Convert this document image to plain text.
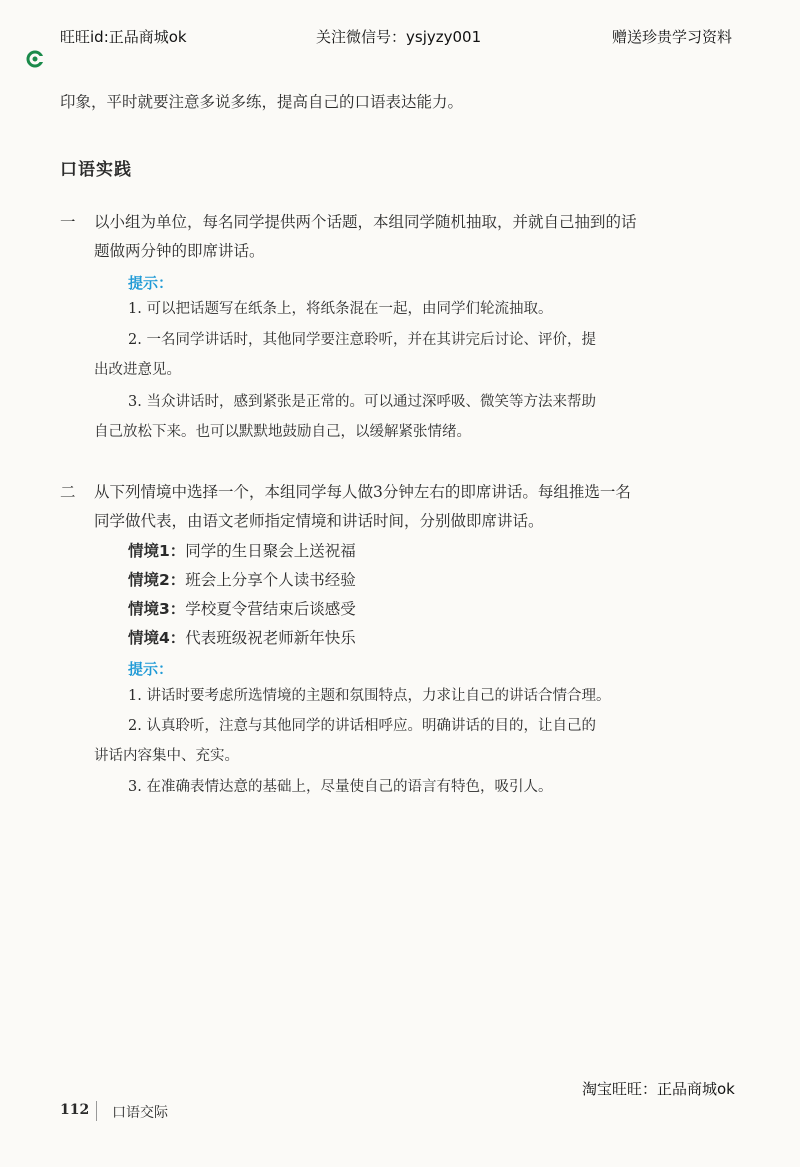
旺旺id:正品商城ok	关注微信号：ysjyzy001	赠送珍贵学习资料
印象，平时就要注意多说多练，提高自己的口语表达能力。
口语实践
一 以小组为单位，每名同学提供两个话题，本组同学随机抽取，并就自己抽到的话
题做两分钟的即席讲话。
提示：
1. 可以把话题写在纸条上，将纸条混在一起，由同学们轮流抽取。
2. 一名同学讲话时，其他同学要注意聆听，并在其讲完后讨论、评价，提
出改进意见。
3. 当众讲话时，感到紧张是正常的。可以通过深呼吸、微笑等方法来帮助
自己放松下来。也可以默默地鼓励自己，以缓解紧张情绪。
二 从下列情境中选择一个，本组同学每人做3分钟左右的即席讲话。每组推选一名
同学做代表，由语文老师指定情境和讲话时间，分别做即席讲话。
情境1：同学的生日聚会上送祝福
情境2：班会上分享个人读书经验
情境3：学校夏令营结束后谈感受
情境4：代表班级祝老师新年快乐
提示：
1. 讲话时要考虑所选情境的主题和氛围特点，力求让自己的讲话合情合理。
2. 认真聆听，注意与其他同学的讲话相呼应。明确讲话的目的，让自己的
讲话内容集中、充实。
3. 在准确表情达意的基础上，尽量使自己的语言有特色，吸引人。
淘宝旺旺：正品商城ok
112 口语交际
